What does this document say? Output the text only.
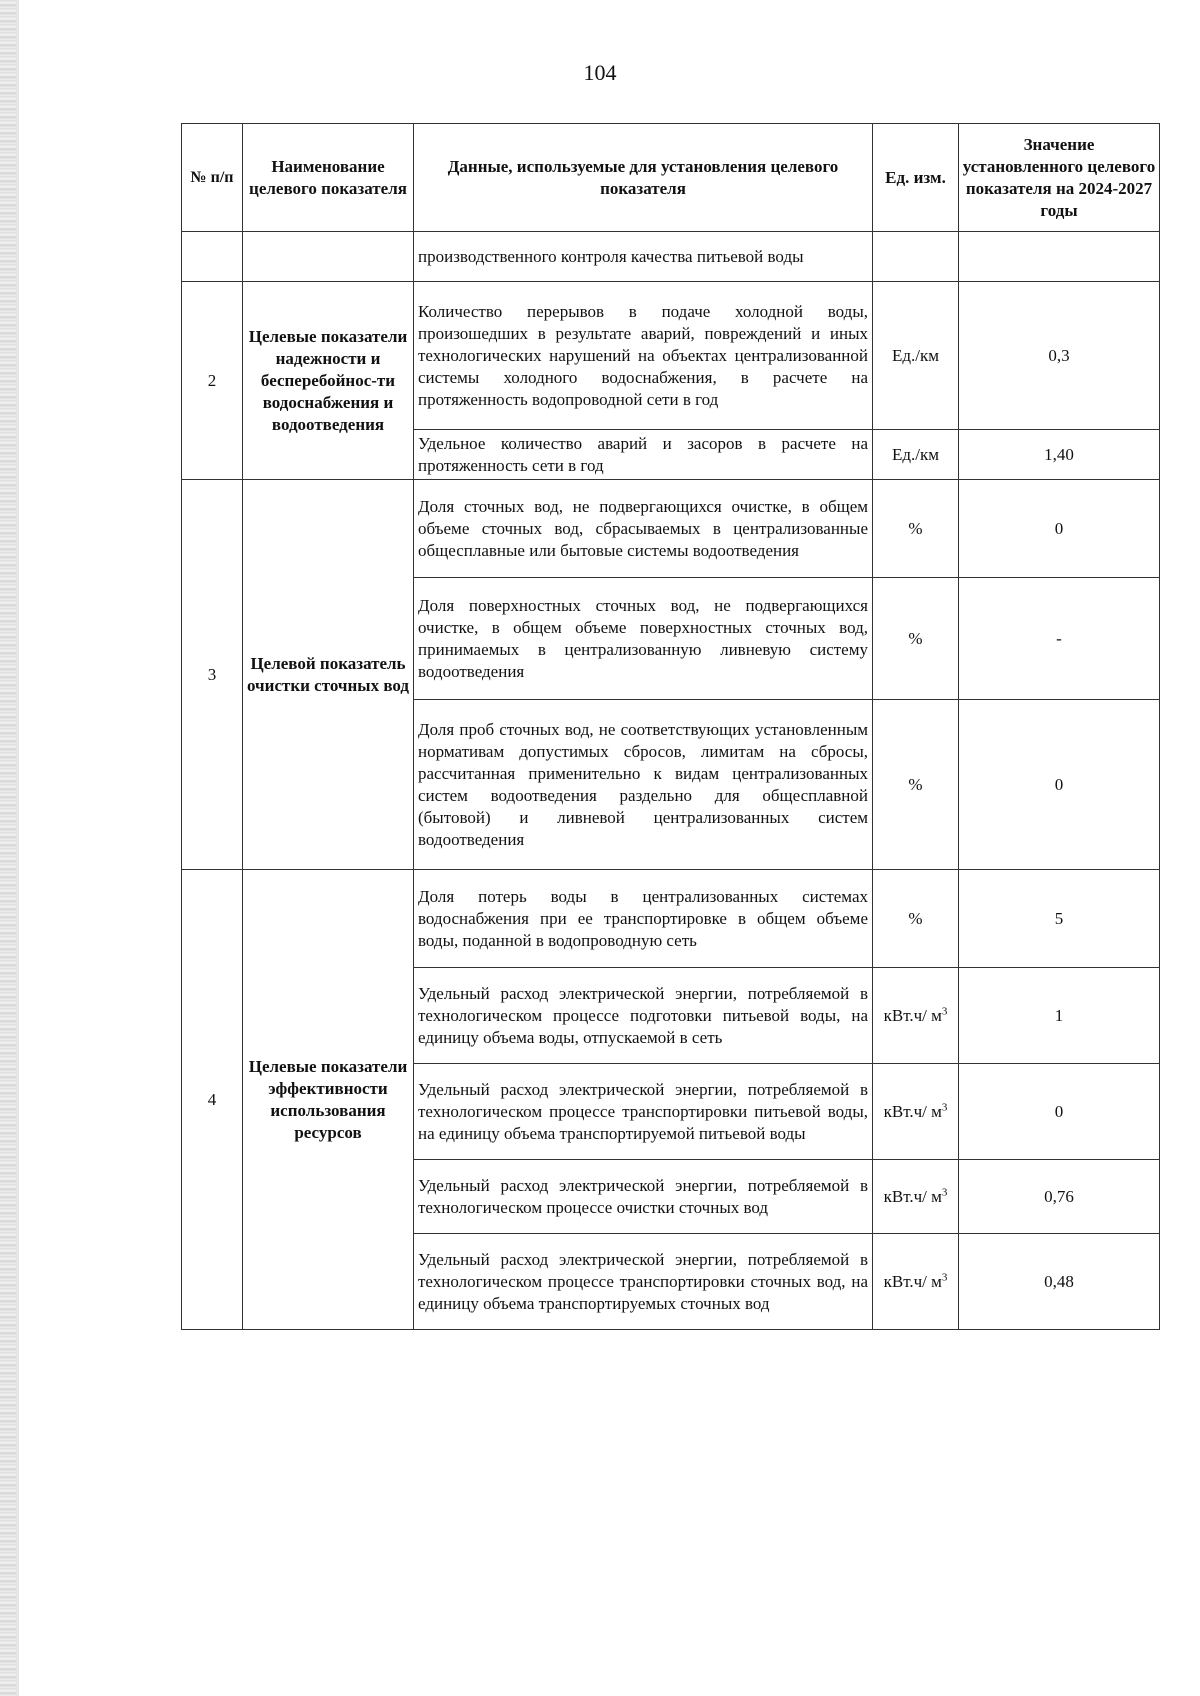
104
№ п/п	Наименование целевого показателя	Данные, используемые для установления целевого показателя	Ед. изм.	Значение установленного целевого показателя на 2024-2027 годы
		производственного контроля качества питьевой воды		
2	Целевые показатели надежности и бесперебойнос-ти водоснабжения и водоотведения	Количество перерывов в подаче холодной воды, произошедших в результате аварий, повреждений и иных технологических нарушений на объектах централизованной системы холодного водоснабжения, в расчете на протяженность водопроводной сети в год	Ед./км	0,3
		Удельное количество аварий и засоров в расчете на протяженность сети в год	Ед./км	1,40
3	Целевой показатель очистки сточных вод	Доля сточных вод, не подвергающихся очистке, в общем объеме сточных вод, сбрасываемых в централизованные общесплавные или бытовые системы водоотведения	%	0
		Доля поверхностных сточных вод, не подвергающихся очистке, в общем объеме поверхностных сточных вод, принимаемых в централизованную ливневую систему водоотведения	%	-
		Доля проб сточных вод, не соответствующих установленным нормативам допустимых сбросов, лимитам на сбросы, рассчитанная применительно к видам централизованных систем водоотведения раздельно для общесплавной (бытовой) и ливневой централизованных систем водоотведения	%	0
4	Целевые показатели эффективности использования ресурсов	Доля потерь воды в централизованных системах водоснабжения при ее транспортировке в общем объеме воды, поданной в водопроводную сеть	%	5
		Удельный расход электрической энергии, потребляемой в технологическом процессе подготовки питьевой воды, на единицу объема воды, отпускаемой в сеть	кВт.ч/ $м^3$	1
		Удельный расход электрической энергии, потребляемой в технологическом процессе транспортировки питьевой воды, на единицу объема транспортируемой питьевой воды	кВт.ч/ $м^3$	0
		Удельный расход электрической энергии, потребляемой в технологическом процессе очистки сточных вод	кВт.ч/ $м^3$	0,76
		Удельный расход электрической энергии, потребляемой в технологическом процессе транспортировки сточных вод, на единицу объема транспортируемых сточных вод	кВт.ч/ $м^3$	0,48
